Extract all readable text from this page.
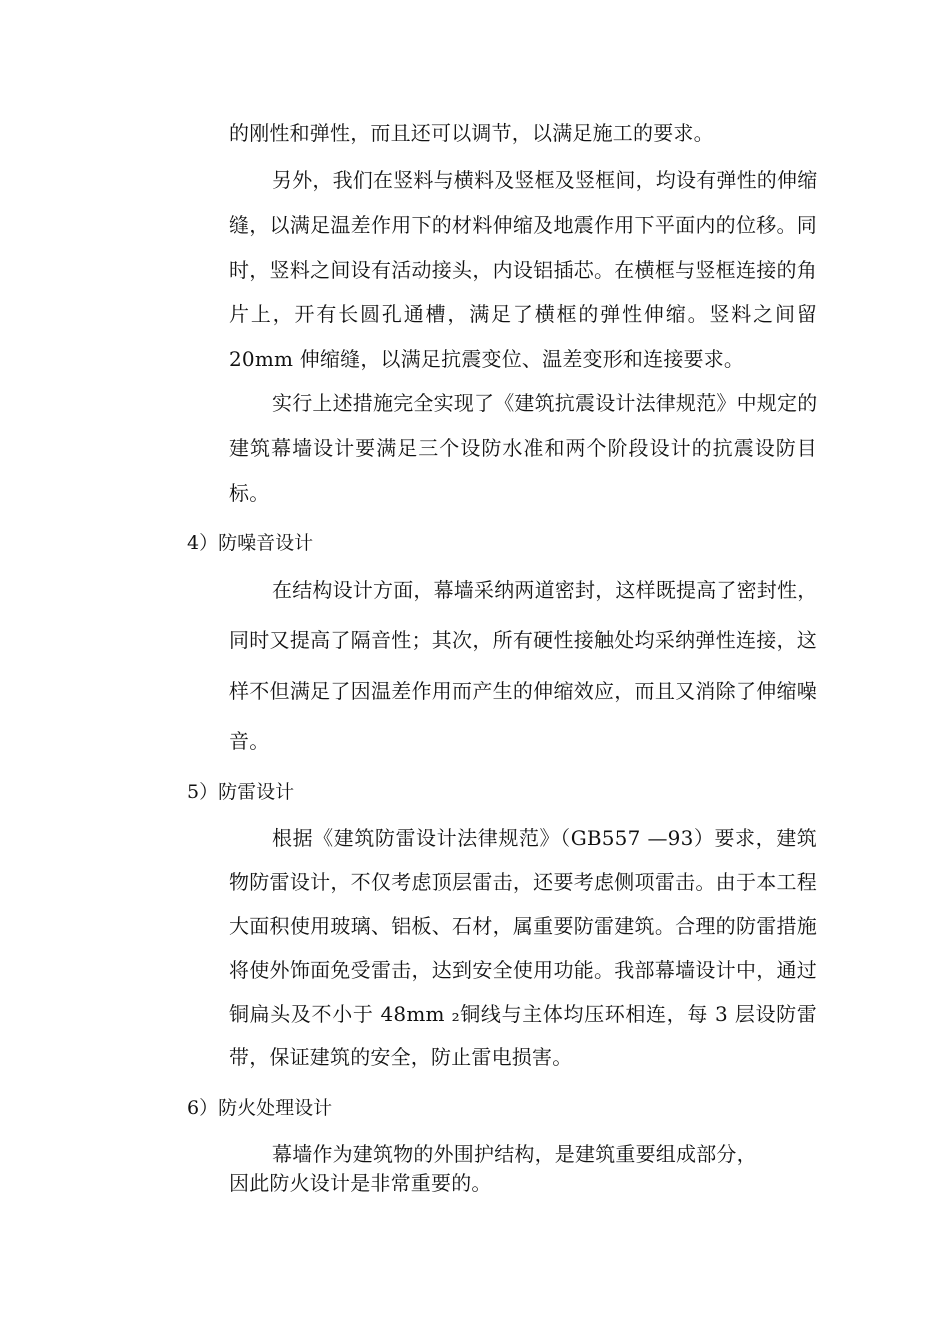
的刚性和弹性，而且还可以调节，以满足施工的要求。
另外，我们在竖料与横料及竖框及竖框间，均设有弹性的伸缩
缝，以满足温差作用下的材料伸缩及地震作用下平面内的位移。同
时，竖料之间设有活动接头，内设铝插芯。在横框与竖框连接的角
片上，开有长圆孔通槽，满足了横框的弹性伸缩。竖料之间留
20mm 伸缩缝，以满足抗震变位、温差变形和连接要求。
实行上述措施完全实现了《建筑抗震设计法律规范》中规定的
建筑幕墙设计要满足三个设防水准和两个阶段设计的抗震设防目
标。
4）防噪音设计
在结构设计方面，幕墙采纳两道密封，这样既提高了密封性，
同时又提高了隔音性；其次，所有硬性接触处均采纳弹性连接，这
样不但满足了因温差作用而产生的伸缩效应，而且又消除了伸缩噪
音。
5）防雷设计
根据《建筑防雷设计法律规范》（GB557 —93）要求，建筑
物防雷设计，不仅考虑顶层雷击，还要考虑侧项雷击。由于本工程
大面积使用玻璃、铝板、石材，属重要防雷建筑。合理的防雷措施
将使外饰面免受雷击，达到安全使用功能。我部幕墙设计中，通过
铜扁头及不小于 48mm ₂铜线与主体均压环相连，每 3 层设防雷
带，保证建筑的安全，防止雷电损害。
6）防火处理设计
幕墙作为建筑物的外围护结构，是建筑重要组成部分，
因此防火设计是非常重要的。
